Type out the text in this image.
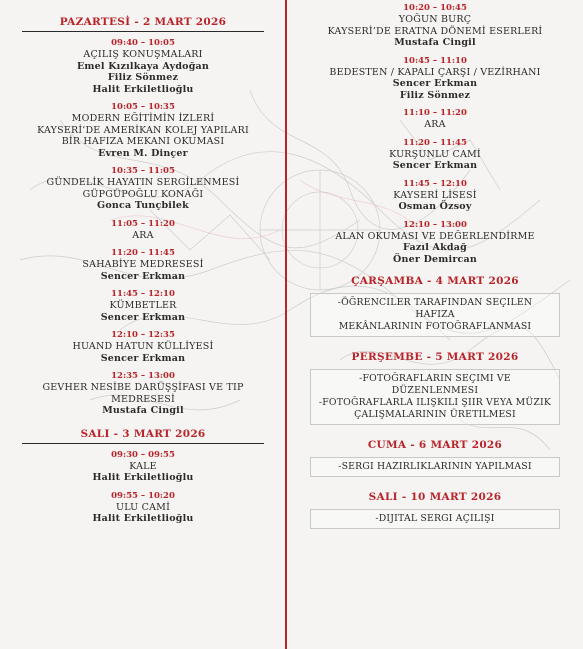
PAZARTESİ - 2 MART 2026
09:40 – 10:05
AÇILIŞ KONUŞMALARI
Emel Kızılkaya Aydoğan
Filiz Sönmez
Halit Erkiletlioğlu
10:05 – 10:35
MODERN EĞİTİMİN İZLERİ
KAYSERİ’DE AMERİKAN KOLEJ YAPILARI
BİR HAFIZA MEKANI OKUMASI
Evren M. Dinçer
10:35 – 11:05
GÜNDELİK HAYATIN SERGİLENMESİ
GÜPGÜPOĞLU KONAĞI
Gonca Tunçbilek
11:05 – 11:20
ARA
11:20 – 11:45
SAHABİYE MEDRESESİ
Sencer Erkman
11:45 – 12:10
KÜMBETLER
Sencer Erkman
12:10 – 12:35
HUAND HATUN KÜLLİYESİ
Sencer Erkman
12:35 – 13:00
GEVHER NESİBE DARÜŞŞİFASI VE TIP
MEDRESESİ
Mustafa Cingil
SALI - 3 MART 2026
09:30 – 09:55
KALE
Halit Erkiletlioğlu
09:55 – 10:20
ULU CAMİ
Halit Erkiletlioğlu
10:20 – 10:45
YOĞUN BURÇ
KAYSERİ’DE ERATNA DÖNEMİ ESERLERİ
Mustafa Cingil
10:45 – 11:10
BEDESTEN / KAPALI ÇARŞI / VEZİRHANI
Sencer Erkman
Filiz Sönmez
11:10 – 11:20
ARA
11:20 – 11:45
KURŞUNLU CAMİ
Sencer Erkman
11:45 – 12:10
KAYSERİ LİSESİ
Osman Özsoy
12:10 – 13:00
ALAN OKUMASI VE DEĞERLENDİRME
Fazıl Akdağ
Öner Demircan
ÇARŞAMBA - 4 MART 2026
-ÖĞRENCILER TARAFINDAN SEÇILEN HAFIZA
MEKÂNLARININ FOTOĞRAFLANMASI
PERŞEMBE - 5 MART 2026
-FOTOĞRAFLARIN SEÇIMI VE DÜZENLENMESI
-FOTOĞRAFLARLA ILIŞKILI ŞIIR VEYA MÜZIK
ÇALIŞMALARININ ÜRETILMESI
CUMA - 6 MART 2026
-SERGI HAZIRLIKLARININ YAPILMASI
SALI - 10 MART 2026
-DIJITAL SERGI AÇILIŞI
